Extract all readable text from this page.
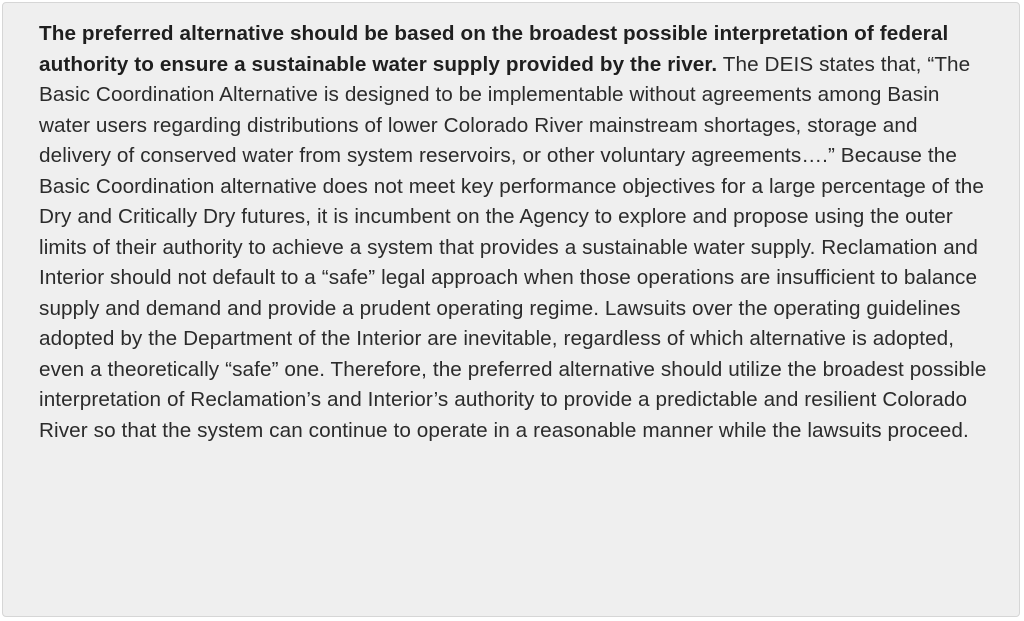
The preferred alternative should be based on the broadest possible interpretation of federal authority to ensure a sustainable water supply provided by the river. The DEIS states that, “The Basic Coordination Alternative is designed to be implementable without agreements among Basin water users regarding distributions of lower Colorado River mainstream shortages, storage and delivery of conserved water from system reservoirs, or other voluntary agreements….” Because the Basic Coordination alternative does not meet key performance objectives for a large percentage of the Dry and Critically Dry futures, it is incumbent on the Agency to explore and propose using the outer limits of their authority to achieve a system that provides a sustainable water supply. Reclamation and Interior should not default to a “safe” legal approach when those operations are insufficient to balance supply and demand and provide a prudent operating regime. Lawsuits over the operating guidelines adopted by the Department of the Interior are inevitable, regardless of which alternative is adopted, even a theoretically “safe” one. Therefore, the preferred alternative should utilize the broadest possible interpretation of Reclamation’s and Interior’s authority to provide a predictable and resilient Colorado River so that the system can continue to operate in a reasonable manner while the lawsuits proceed.
